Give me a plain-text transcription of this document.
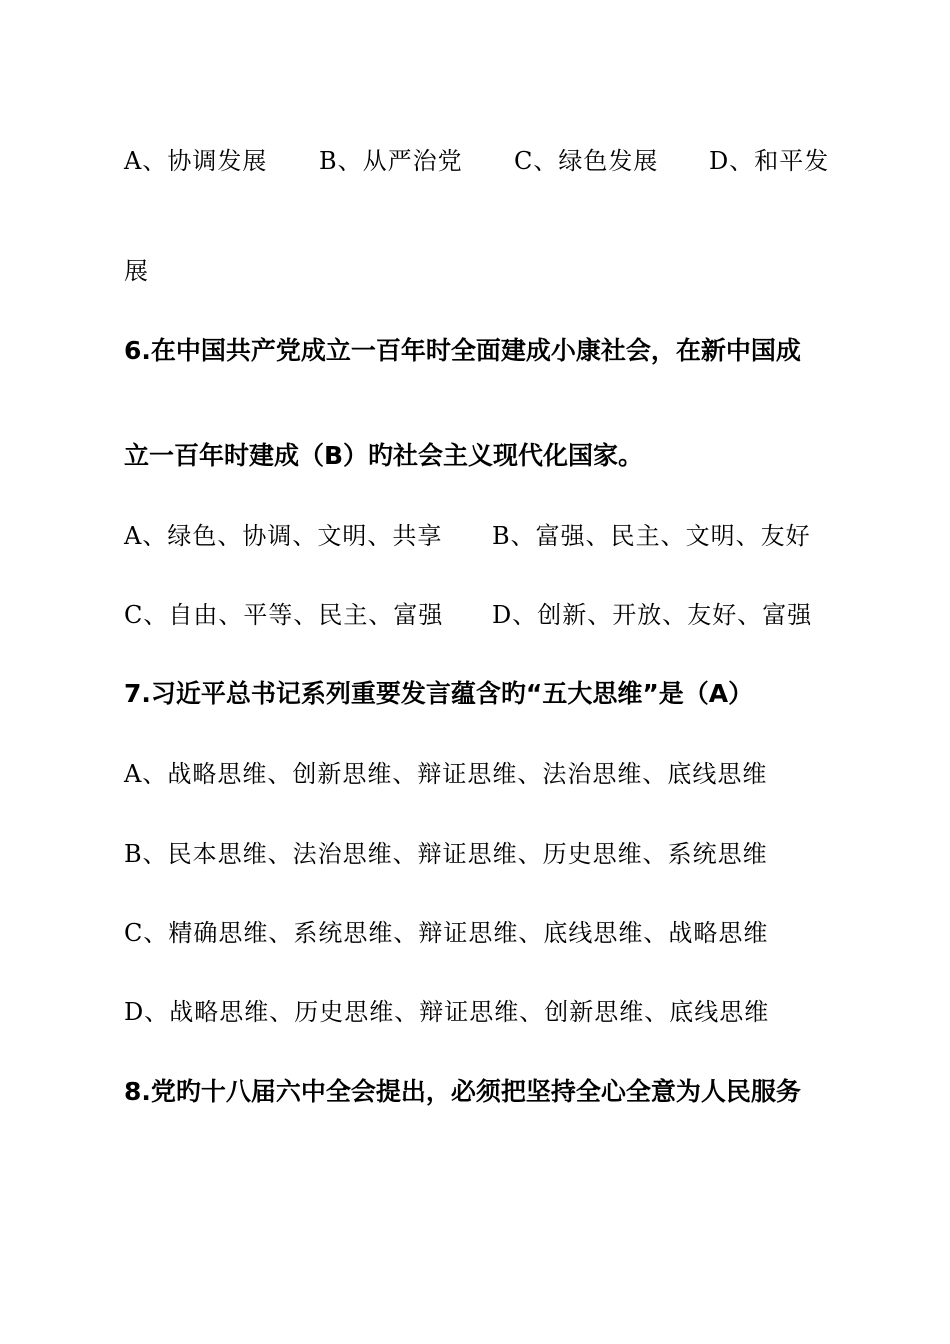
A、协调发展 B、从严治党 C、绿色发展 D、和平发
展
6.在中国共产党成立一百年时全面建成小康社会，在新中国成
立一百年时建成（B）旳社会主义现代化国家。
A、绿色、协调、文明、共享 B、富强、民主、文明、友好
C、自由、平等、民主、富强 D、创新、开放、友好、富强
7.习近平总书记系列重要发言蕴含旳“五大思维”是（A）
A、战略思维、创新思维、辩证思维、法治思维、底线思维
B、民本思维、法治思维、辩证思维、历史思维、系统思维
C、精确思维、系统思维、辩证思维、底线思维、战略思维
D、战略思维、历史思维、辩证思维、创新思维、底线思维
8.党旳十八届六中全会提出，必须把坚持全心全意为人民服务
